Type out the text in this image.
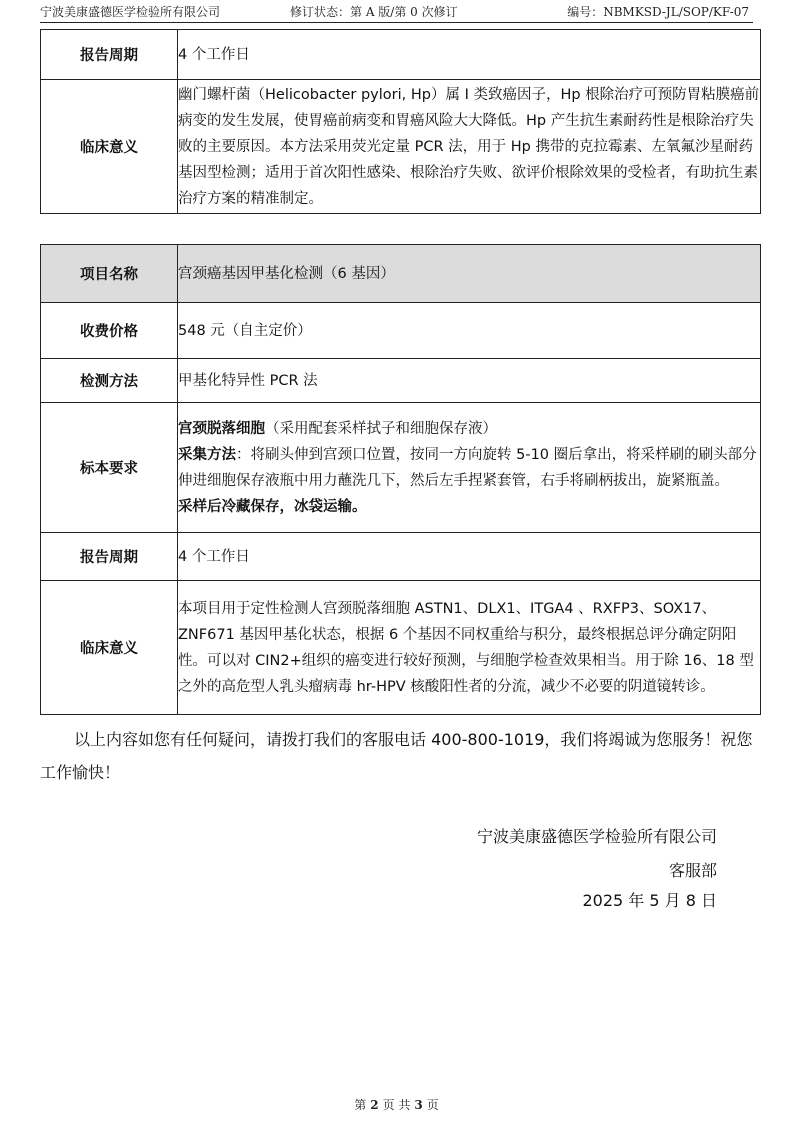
宁波美康盛德医学检验所有限公司	修订状态：第 A 版/第 0 次修订	编号：NBMKSD-JL/SOP/KF-07
报告周期	4 个工作日
临床意义	幽门螺杆菌（Helicobacter pylori, Hp）属 I 类致癌因子，Hp 根除治疗可预防胃粘膜癌前病变的发生发展，使胃癌前病变和胃癌风险大大降低。Hp 产生抗生素耐药性是根除治疗失败的主要原因。本方法采用荧光定量 PCR 法，用于 Hp 携带的克拉霉素、左氧氟沙星耐药基因型检测；适用于首次阳性感染、根除治疗失败、欲评价根除效果的受检者，有助抗生素治疗方案的精准制定。
项目名称	宫颈癌基因甲基化检测（6 基因）
收费价格	548 元（自主定价）
检测方法	甲基化特异性 PCR 法
标本要求	宫颈脱落细胞（采用配套采样拭子和细胞保存液）
采集方法：将刷头伸到宫颈口位置，按同一方向旋转 5-10 圈后拿出，将采样刷的刷头部分伸进细胞保存液瓶中用力蘸洗几下，然后左手捏紧套管，右手将刷柄拔出，旋紧瓶盖。
采样后冷藏保存，冰袋运输。

报告周期	4 个工作日
临床意义	本项目用于定性检测人宫颈脱落细胞 ASTN1、DLX1、ITGA4 、RXFP3、SOX17、ZNF671 基因甲基化状态，根据 6 个基因不同权重给与积分，最终根据总评分确定阴阳性。可以对 CIN2+组织的癌变进行较好预测，与细胞学检查效果相当。用于除 16、18 型之外的高危型人乳头瘤病毒 hr-HPV 核酸阳性者的分流，减少不必要的阴道镜转诊。
以上内容如您有任何疑问，请拨打我们的客服电话 400-800-1019，我们将竭诚为您服务！祝您工作愉快！
宁波美康盛德医学检验所有限公司
客服部
2025 年 5 月 8 日
第 2 页 共 3 页
